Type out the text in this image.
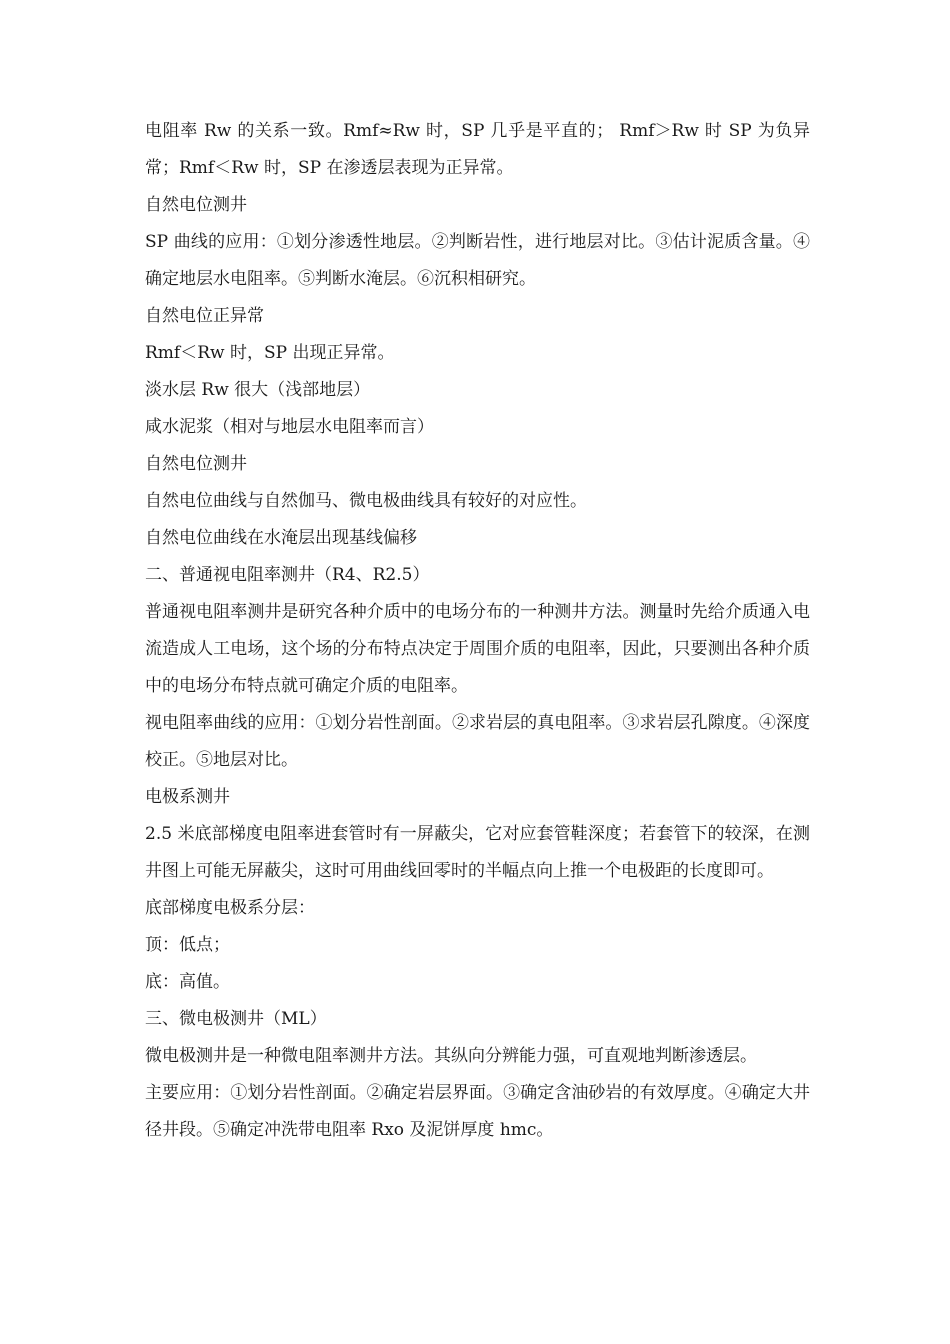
电阻率 Rw 的关系一致。Rmf≈Rw 时，SP 几乎是平直的； Rmf＞Rw 时 SP 为负异常；Rmf＜Rw 时，SP 在渗透层表现为正异常。

自然电位测井

SP 曲线的应用：①划分渗透性地层。②判断岩性，进行地层对比。③估计泥质含量。④确定地层水电阻率。⑤判断水淹层。⑥沉积相研究。

自然电位正异常

Rmf＜Rw 时，SP 出现正异常。

淡水层 Rw 很大（浅部地层）

咸水泥浆（相对与地层水电阻率而言）

自然电位测井

自然电位曲线与自然伽马、微电极曲线具有较好的对应性。

自然电位曲线在水淹层出现基线偏移

二、普通视电阻率测井（R4、R2.5）

普通视电阻率测井是研究各种介质中的电场分布的一种测井方法。测量时先给介质通入电流造成人工电场，这个场的分布特点决定于周围介质的电阻率，因此，只要测出各种介质中的电场分布特点就可确定介质的电阻率。

视电阻率曲线的应用：①划分岩性剖面。②求岩层的真电阻率。③求岩层孔隙度。④深度校正。⑤地层对比。

电极系测井

2.5 米底部梯度电阻率进套管时有一屏蔽尖，它对应套管鞋深度；若套管下的较深，在测井图上可能无屏蔽尖，这时可用曲线回零时的半幅点向上推一个电极距的长度即可。

底部梯度电极系分层：

顶：低点；

底：高值。

三、微电极测井（ML）

微电极测井是一种微电阻率测井方法。其纵向分辨能力强，可直观地判断渗透层。

主要应用：①划分岩性剖面。②确定岩层界面。③确定含油砂岩的有效厚度。④确定大井径井段。⑤确定冲洗带电阻率 Rxo 及泥饼厚度 hmc。
